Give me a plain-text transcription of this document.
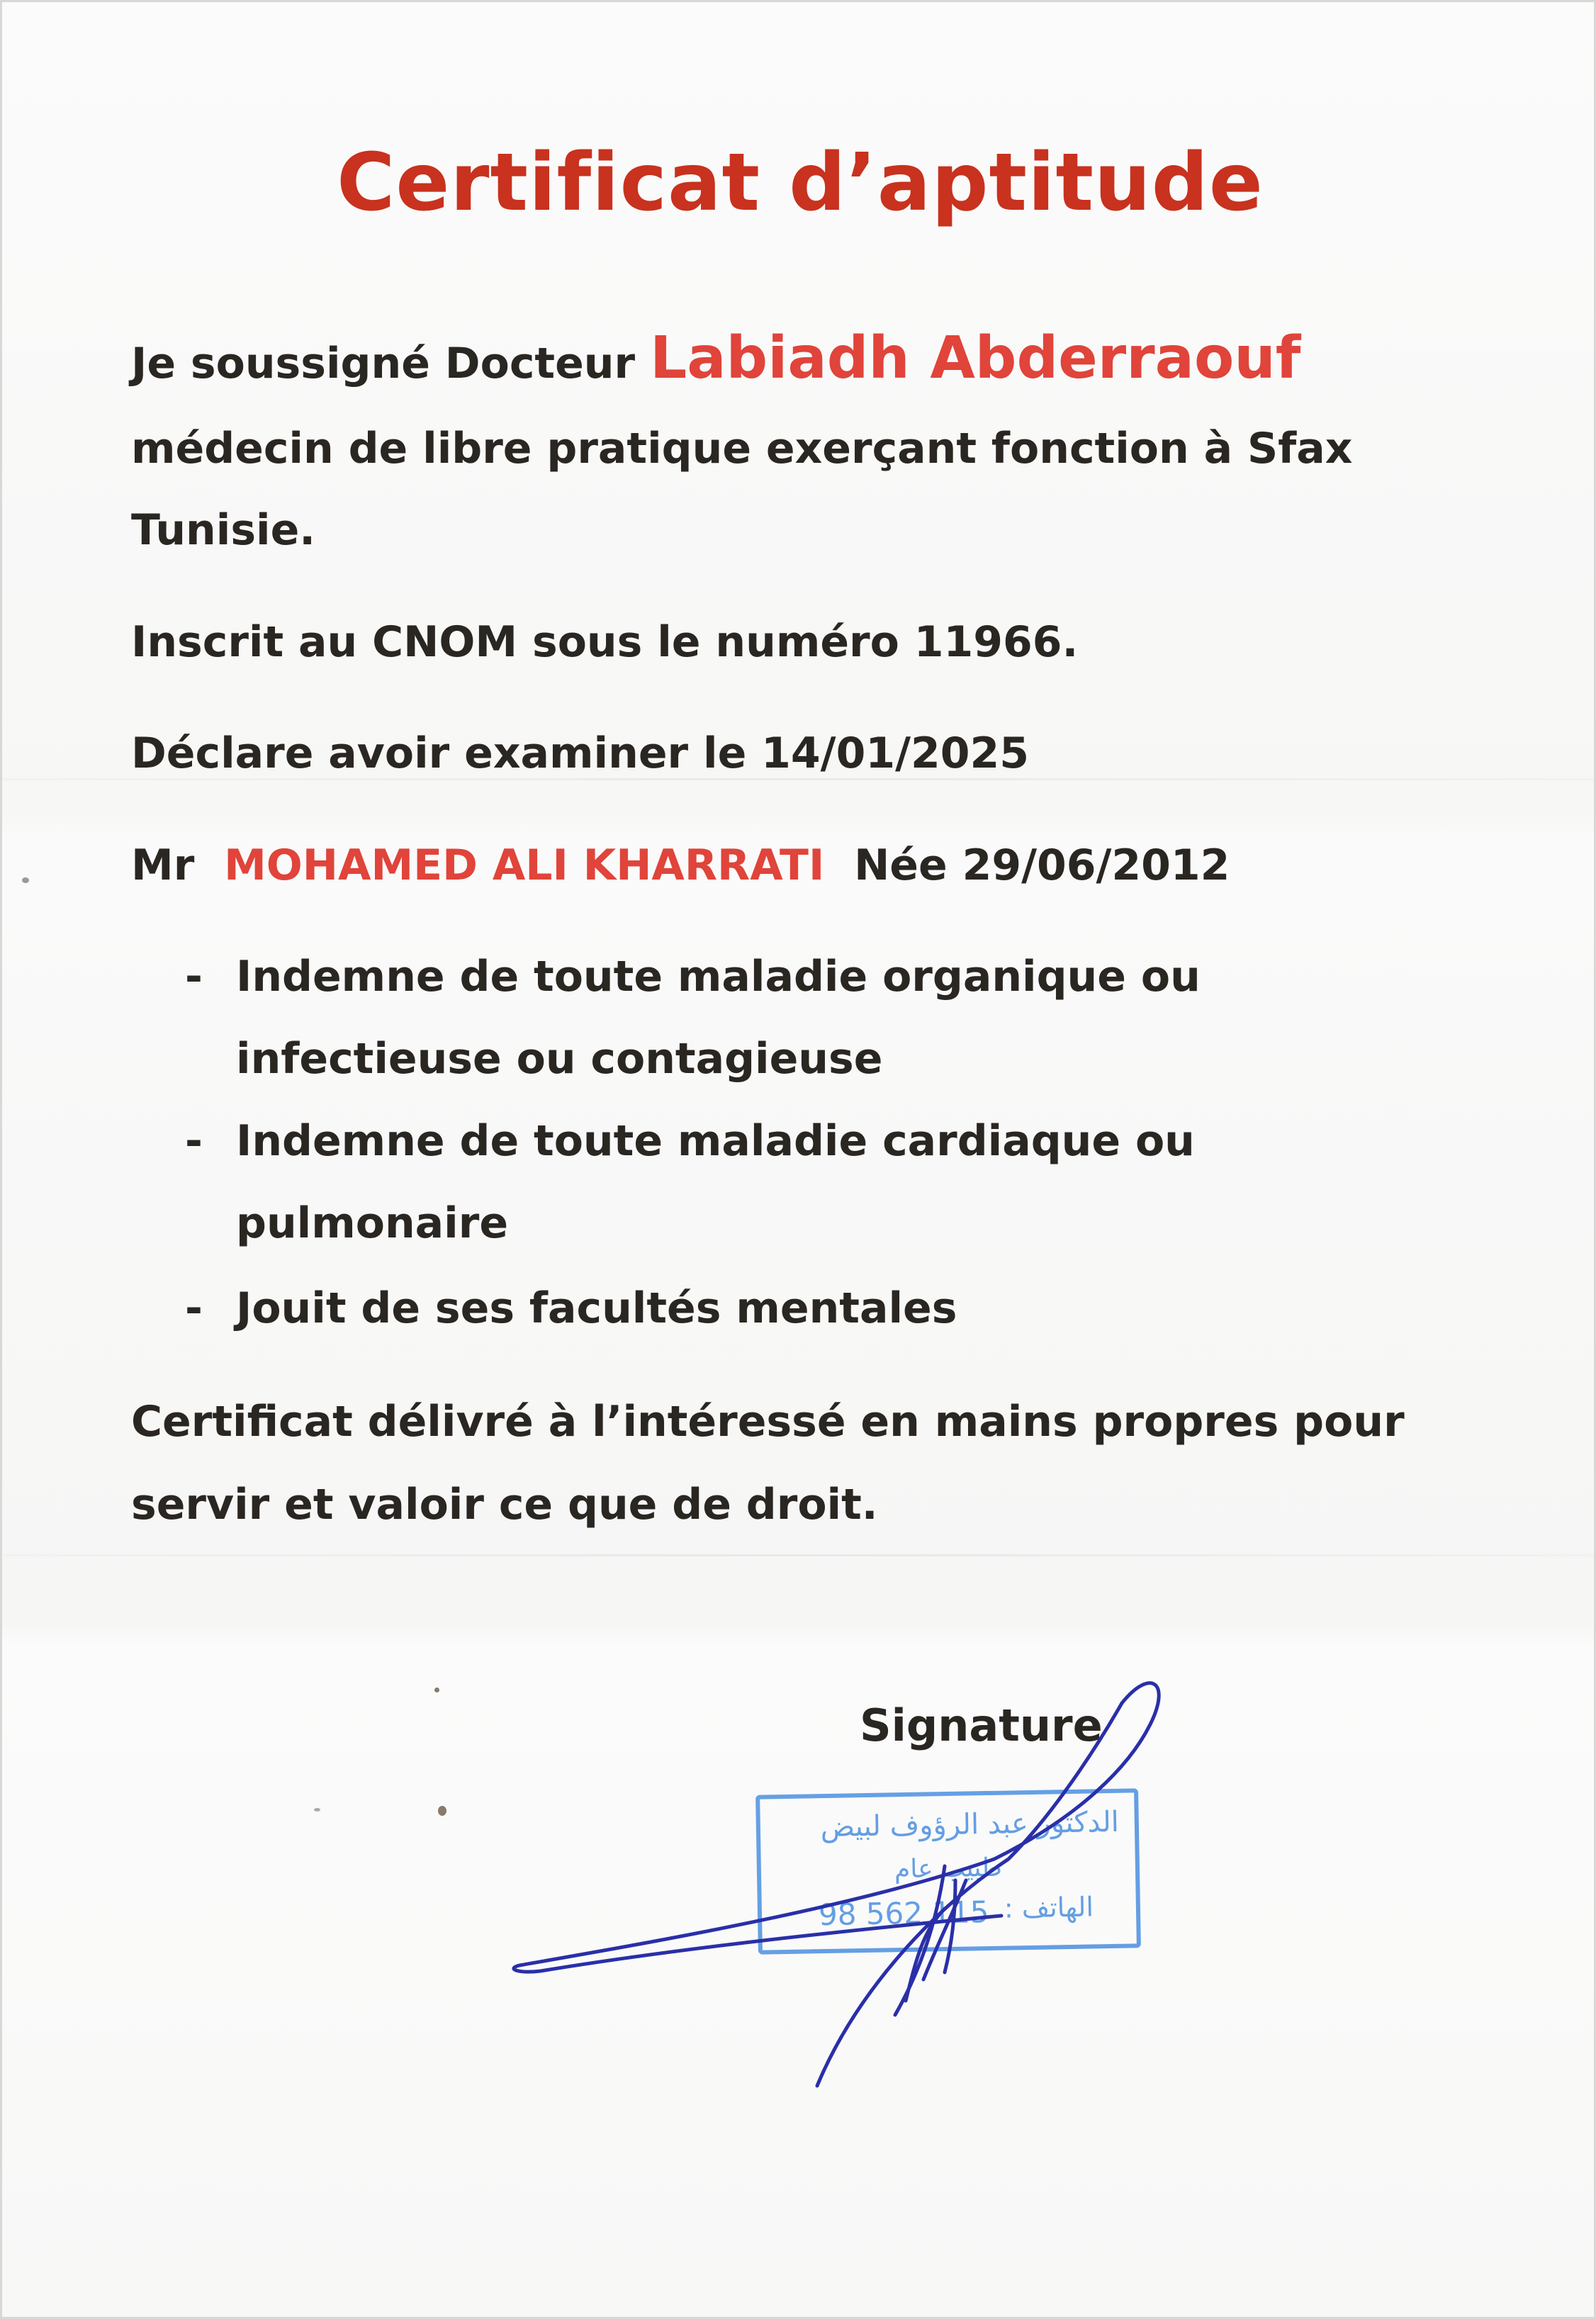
Certificat d’aptitude
Je soussigné Docteur Labiadh Abderraouf
médecin de libre pratique exerçant fonction à Sfax
Tunisie.
Inscrit au CNOM sous le numéro 11966.
Déclare avoir examiner le 14/01/2025
Mr MOHAMED ALI KHARRATI Née 29/06/2012
- Indemne de toute maladie organique ou
infectieuse ou contagieuse
- Indemne de toute maladie cardiaque ou
pulmonaire
- Jouit de ses facultés mentales
Certificat délivré à l’intéressé en mains propres pour
servir et valoir ce que de droit.
Signature
الدكتور عبد الرؤوف لبيض
طبيب عام
98 562 115 الهاتف :
